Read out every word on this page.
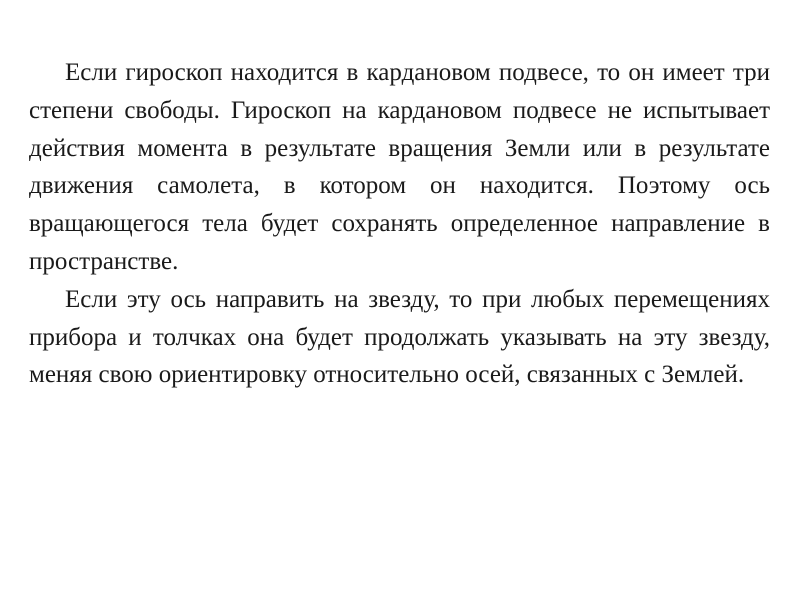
Если гироскоп находится в кардановом подвесе, то он имеет три степени свободы. Гироскоп на кардановом подвесе не испытывает действия момента в результате вращения Земли или в результате движения самолета, в котором он находится. Поэтому ось вращающегося тела будет сохранять определенное направление в пространстве.

Если эту ось направить на звезду, то при любых перемещениях прибора и толчках она будет продолжать указывать на эту звезду, меняя свою ориентировку относительно осей, связанных с Землей.
